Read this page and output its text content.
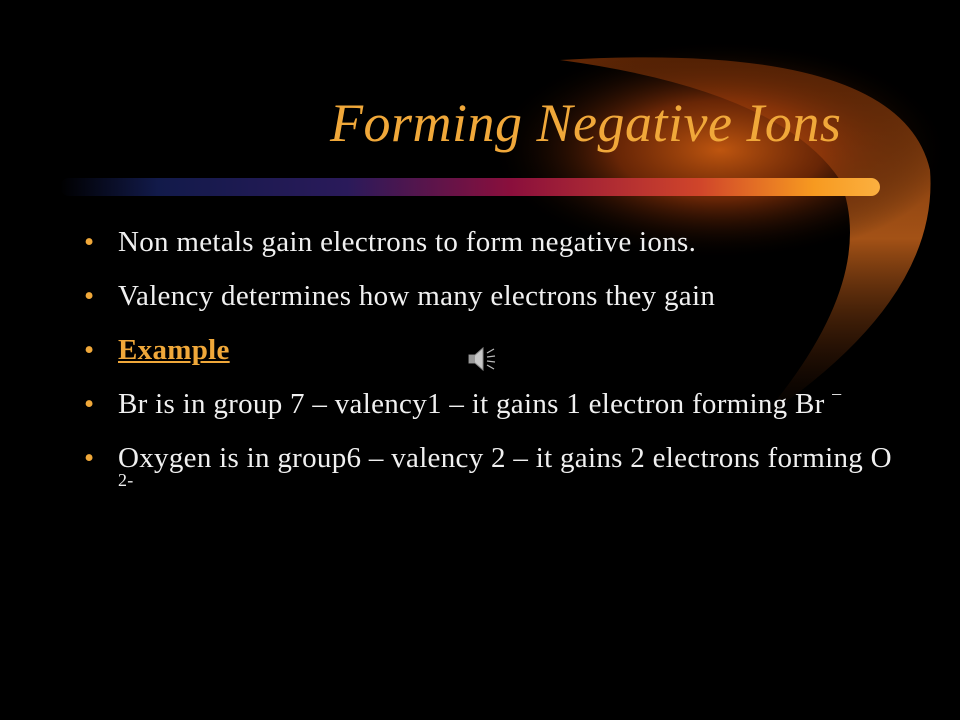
Forming Negative Ions
• Non metals gain electrons to form negative ions.
• Valency determines how many electrons they gain
• Example
• Br is in group 7 – valency1 – it gains 1 electron forming Br –
• Oxygen is in group6 – valency 2 – it gains 2 electrons forming O $^{2-}$
